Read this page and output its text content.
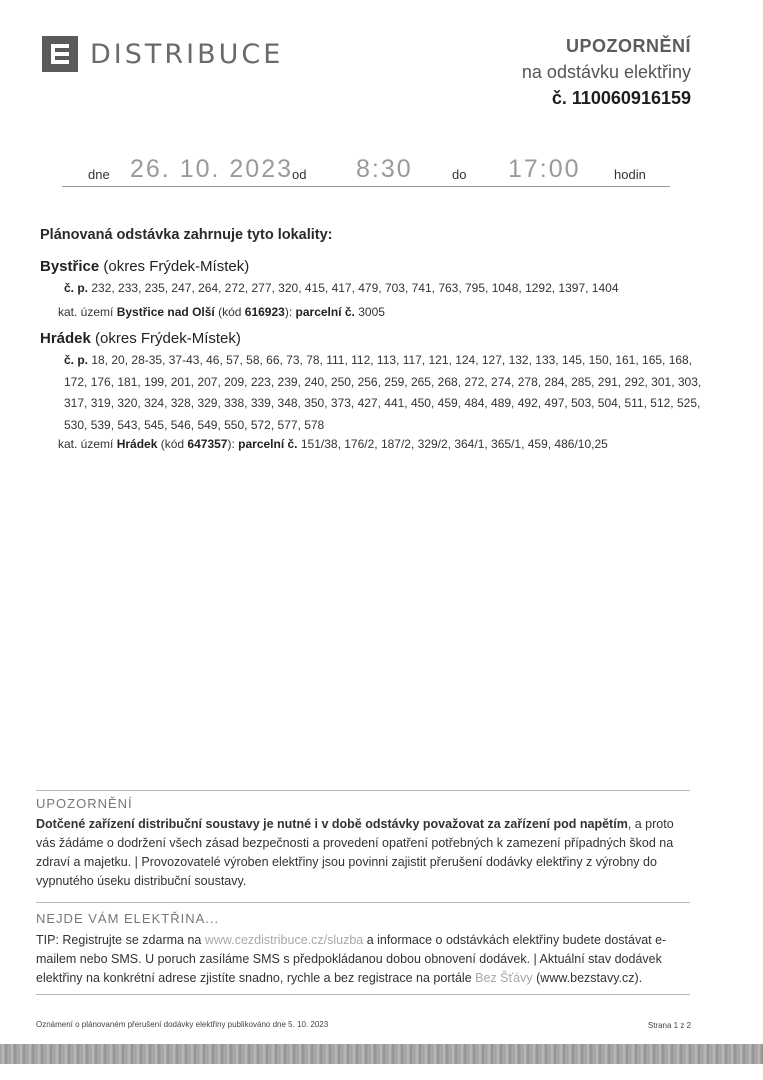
DISTRIBUCE	UPOZORNĚNÍ
na odstávku elektřiny
č. 110060916159
dne 26. 10. 2023
od 8:30	do 17:00	hodin
Plánovaná odstávka zahrnuje tyto lokality:
Bystřice (okres Frýdek-Místek)
č. p. 232, 233, 235, 247, 264, 272, 277, 320, 415, 417, 479, 703, 741, 763, 795, 1048, 1292, 1397, 1404
kat. území Bystřice nad Olší (kód 616923): parcelní č. 3005
Hrádek (okres Frýdek-Místek)
č. p. 18, 20, 28-35, 37-43, 46, 57, 58, 66, 73, 78, 111, 112, 113, 117, 121, 124, 127, 132, 133, 145, 150, 161, 165, 168, 172, 176, 181, 199, 201, 207, 209, 223, 239, 240, 250, 256, 259, 265, 268, 272, 274, 278, 284, 285, 291, 292, 301, 303, 317, 319, 320, 324, 328, 329, 338, 339, 348, 350, 373, 427, 441, 450, 459, 484, 489, 492, 497, 503, 504, 511, 512, 525, 530, 539, 543, 545, 546, 549, 550, 572, 577, 578
kat. území Hrádek (kód 647357): parcelní č. 151/38, 176/2, 187/2, 329/2, 364/1, 365/1, 459, 486/10,25
UPOZORNĚNÍ
Dotčené zařízení distribuční soustavy je nutné i v době odstávky považovat za zařízení pod napětím, a proto vás žádáme o dodržení všech zásad bezpečnosti a provedení opatření potřebných k zamezení případných škod na zdraví a majetku. | Provozovatelé výroben elektřiny jsou povinni zajistit přerušení dodávky elektřiny z výrobny do vypnutého úseku distribuční soustavy.
NEJDE VÁM ELEKTŘINA...
TIP: Registrujte se zdarma na www.cezdistribuce.cz/sluzba a informace o odstávkách elektřiny budete dostávat e-mailem nebo SMS. U poruch zasíláme SMS s předpokládanou dobou obnovení dodávek. | Aktuální stav dodávek elektřiny na konkrétní adrese zjistíte snadno, rychle a bez registrace na portále Bez Šťávy (www.bezstavy.cz).
Oznámení o plánovaném přerušení dodávky elektřiny publikováno dne 5. 10. 2023	Strana 1 z 2
